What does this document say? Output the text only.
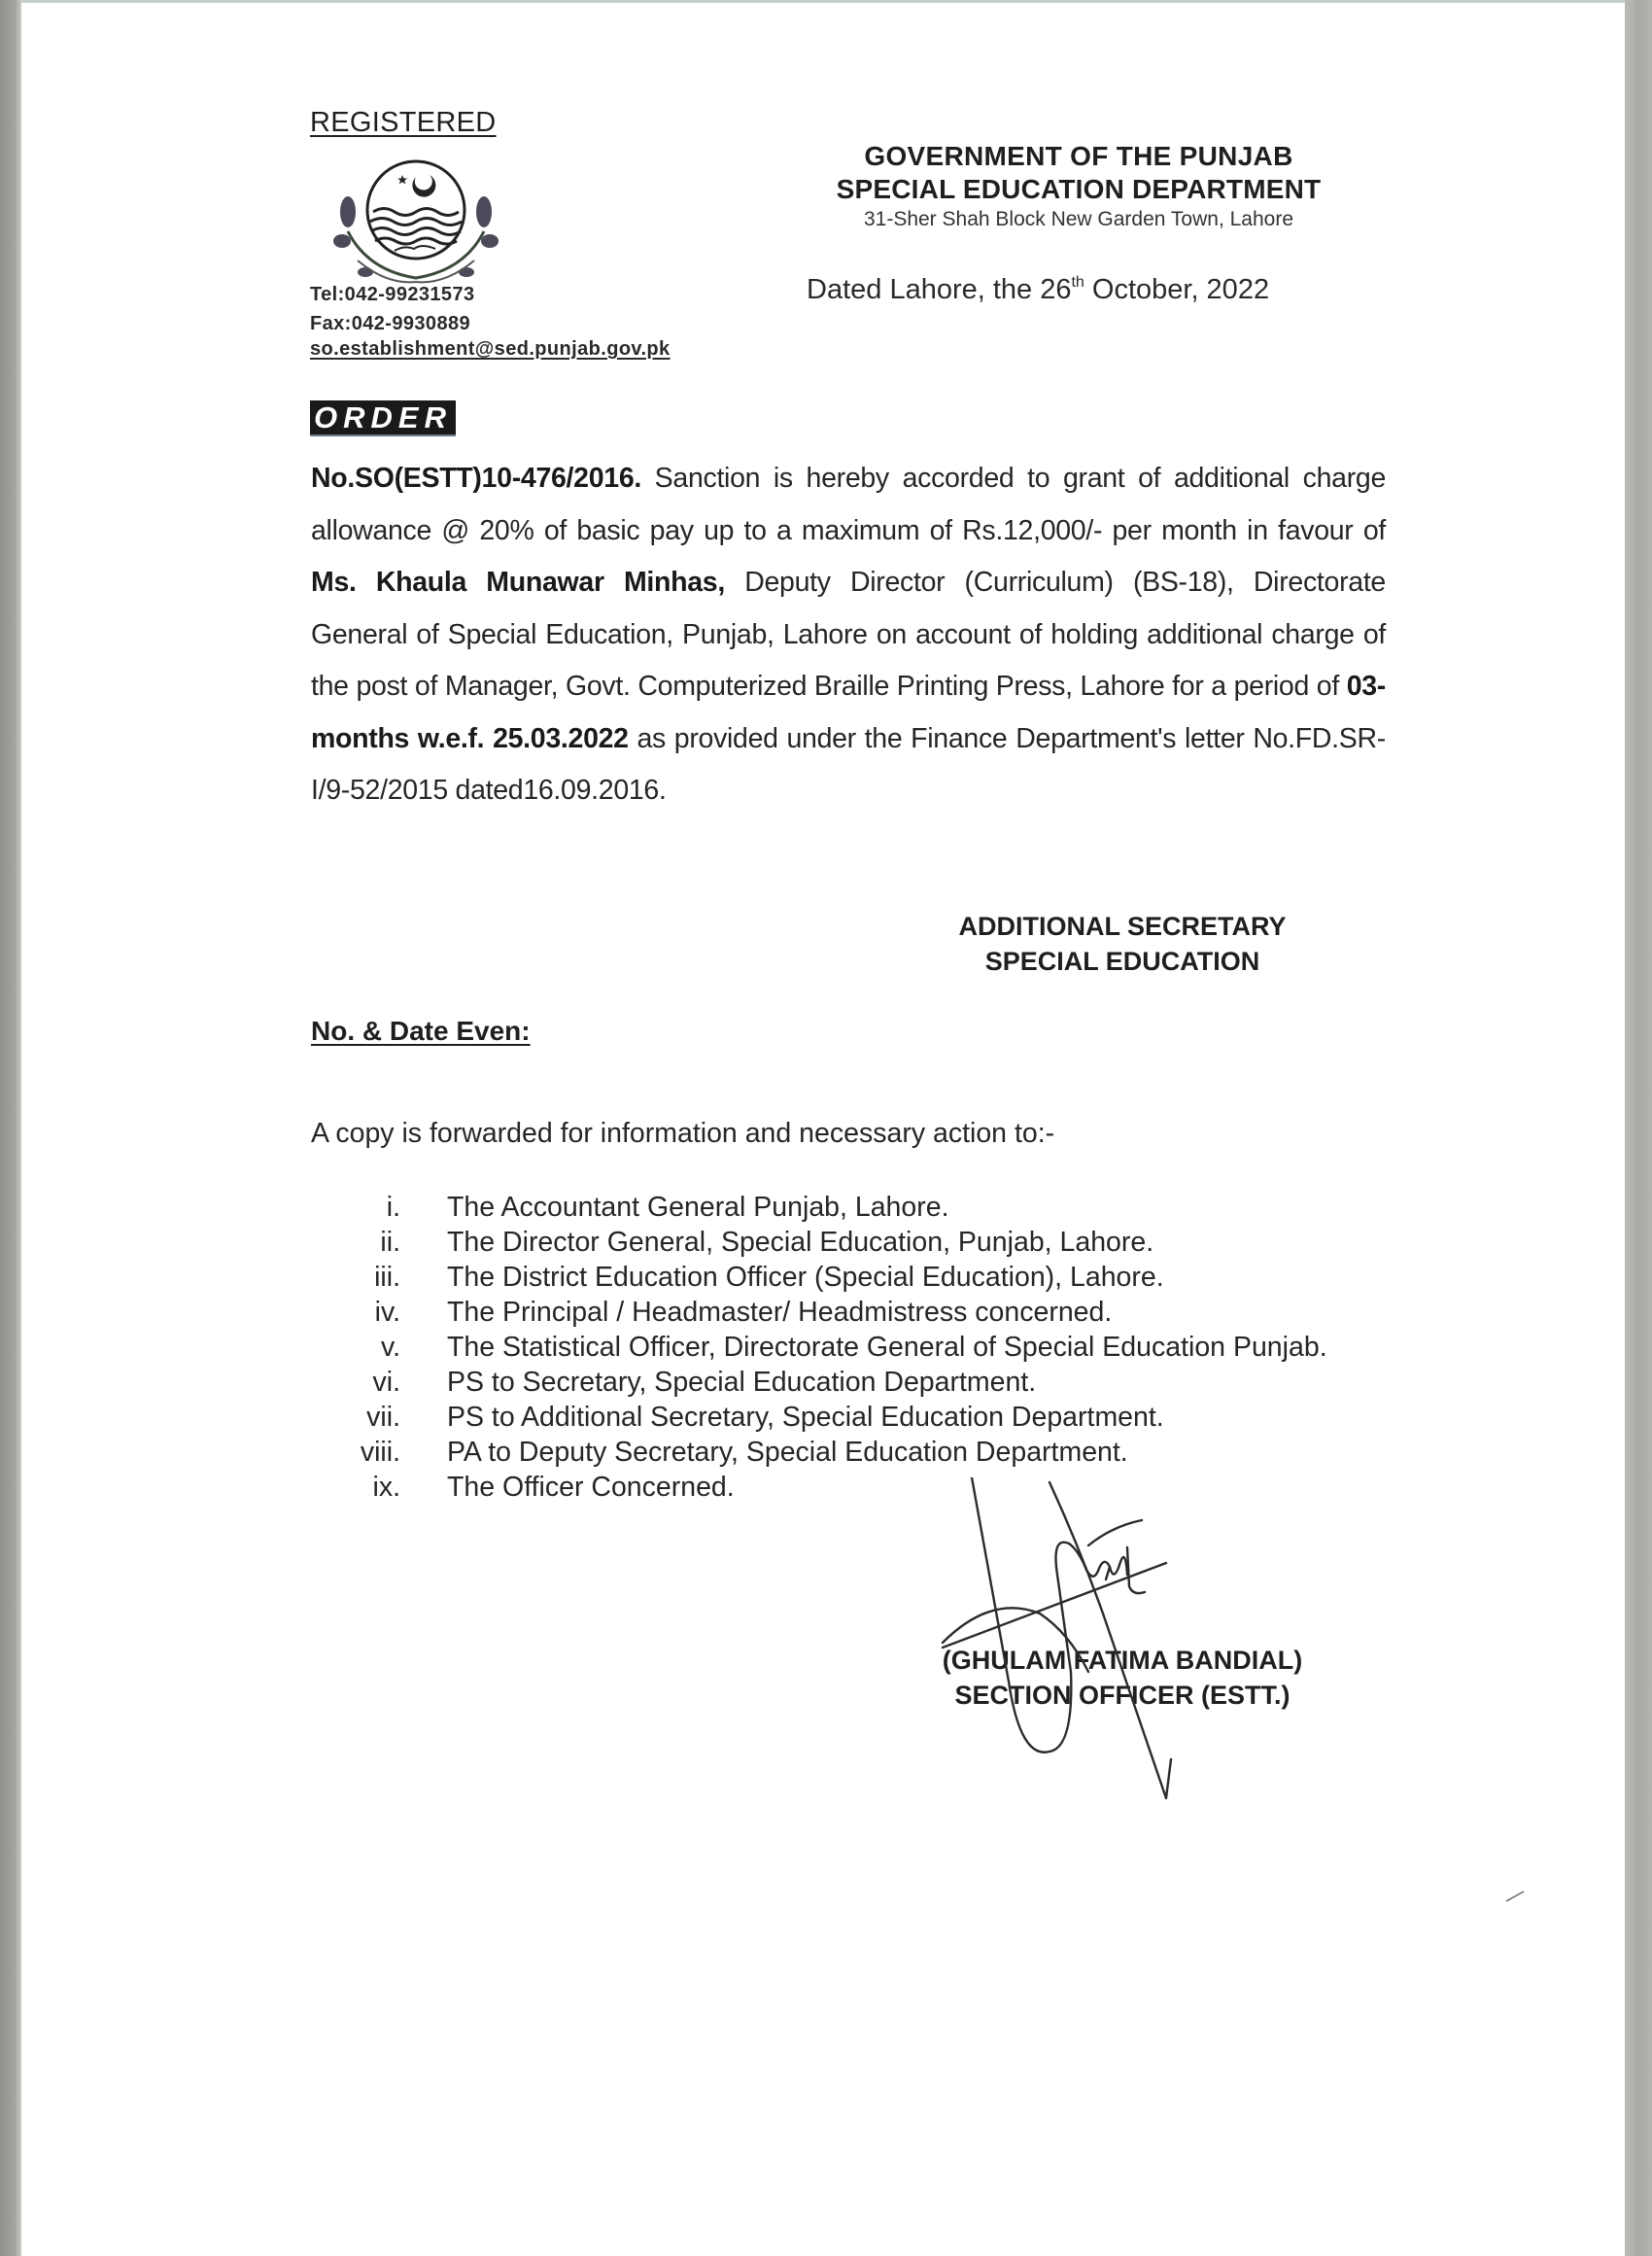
REGISTERED
Tel:042-99231573
Fax:042-9930889
so.establishment@sed.punjab.gov.pk
GOVERNMENT OF THE PUNJAB
SPECIAL EDUCATION DEPARTMENT
31-Sher Shah Block New Garden Town, Lahore
Dated Lahore, the 26th October, 2022
ORDER
No.SO(ESTT)10-476/2016. Sanction is hereby accorded to grant of additional charge allowance @ 20% of basic pay up to a maximum of Rs.12,000/- per month in favour of Ms. Khaula Munawar Minhas, Deputy Director (Curriculum) (BS-18), Directorate General of Special Education, Punjab, Lahore on account of holding additional charge of the post of Manager, Govt. Computerized Braille Printing Press, Lahore for a period of 03-months w.e.f. 25.03.2022 as provided under the Finance Department's letter No.FD.SR-I/9-52/2015 dated16.09.2016.
ADDITIONAL SECRETARY
SPECIAL EDUCATION
No. & Date Even:
A copy is forwarded for information and necessary action to:-
i.	The Accountant General Punjab, Lahore.
ii.	The Director General, Special Education, Punjab, Lahore.
iii.	The District Education Officer (Special Education), Lahore.
iv.	The Principal / Headmaster/ Headmistress concerned.
v.	The Statistical Officer, Directorate General of Special Education Punjab.
vi.	PS to Secretary, Special Education Department.
vii.	PS to Additional Secretary, Special Education Department.
viii.	PA to Deputy Secretary, Special Education Department.
ix.	The Officer Concerned.
(GHULAM FATIMA BANDIAL)
SECTION OFFICER (ESTT.)
